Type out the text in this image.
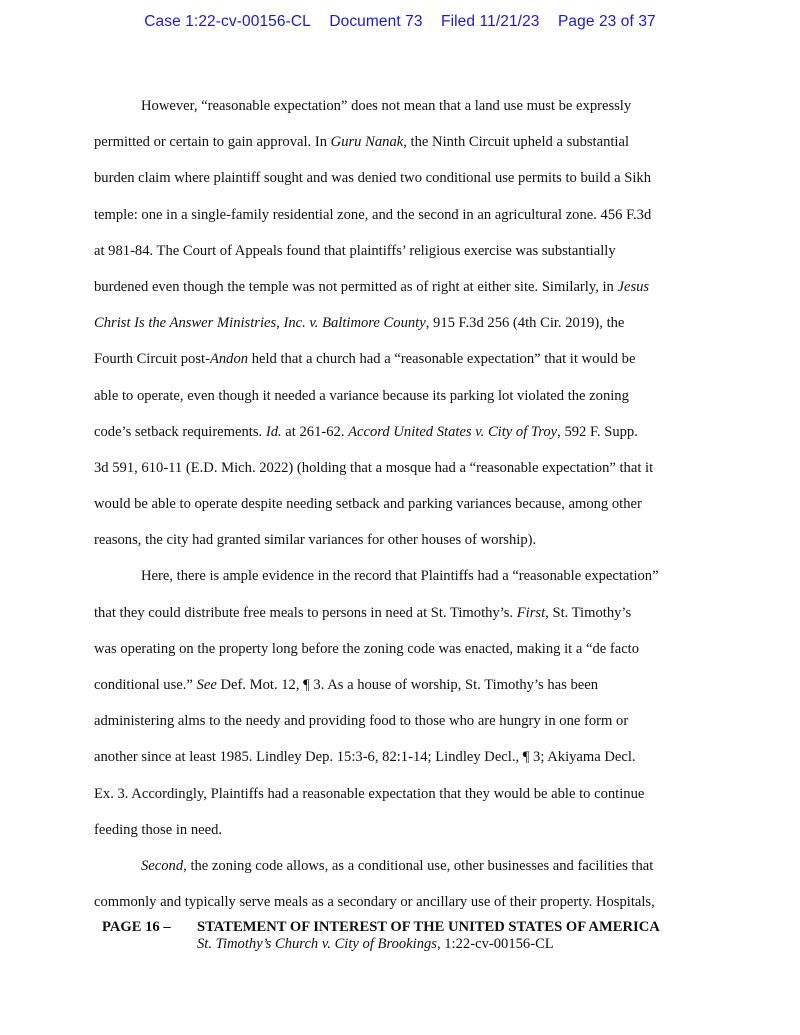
Case 1:22-cv-00156-CL Document 73 Filed 11/21/23 Page 23 of 37
However, “reasonable expectation” does not mean that a land use must be expressly
permitted or certain to gain approval. In Guru Nanak, the Ninth Circuit upheld a substantial
burden claim where plaintiff sought and was denied two conditional use permits to build a Sikh
temple: one in a single-family residential zone, and the second in an agricultural zone. 456 F.3d
at 981-84. The Court of Appeals found that plaintiffs’ religious exercise was substantially
burdened even though the temple was not permitted as of right at either site. Similarly, in Jesus
Christ Is the Answer Ministries, Inc. v. Baltimore County, 915 F.3d 256 (4th Cir. 2019), the
Fourth Circuit post-Andon held that a church had a “reasonable expectation” that it would be
able to operate, even though it needed a variance because its parking lot violated the zoning
code’s setback requirements. Id. at 261-62. Accord United States v. City of Troy, 592 F. Supp.
3d 591, 610-11 (E.D. Mich. 2022) (holding that a mosque had a “reasonable expectation” that it
would be able to operate despite needing setback and parking variances because, among other
reasons, the city had granted similar variances for other houses of worship).
Here, there is ample evidence in the record that Plaintiffs had a “reasonable expectation”
that they could distribute free meals to persons in need at St. Timothy’s. First, St. Timothy’s
was operating on the property long before the zoning code was enacted, making it a “de facto
conditional use.” See Def. Mot. 12, ¶ 3. As a house of worship, St. Timothy’s has been
administering alms to the needy and providing food to those who are hungry in one form or
another since at least 1985. Lindley Dep. 15:3-6, 82:1-14; Lindley Decl., ¶ 3; Akiyama Decl.
Ex. 3. Accordingly, Plaintiffs had a reasonable expectation that they would be able to continue
feeding those in need.
Second, the zoning code allows, as a conditional use, other businesses and facilities that
commonly and typically serve meals as a secondary or ancillary use of their property. Hospitals,
PAGE 16 –	STATEMENT OF INTEREST OF THE UNITED STATES OF AMERICA
St. Timothy’s Church v. City of Brookings, 1:22-cv-00156-CL
